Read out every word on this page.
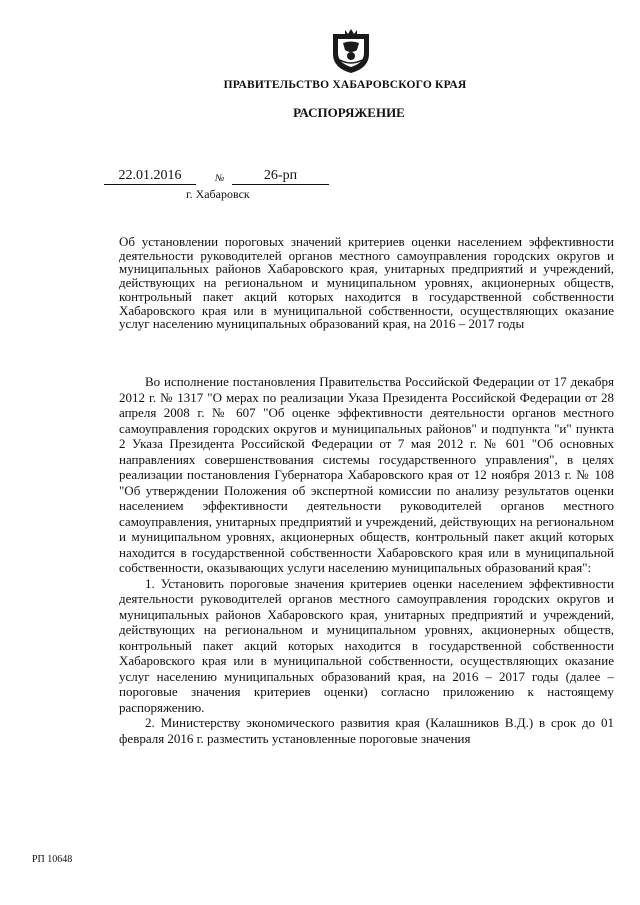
ПРАВИТЕЛЬСТВО ХАБАРОВСКОГО КРАЯ
РАСПОРЯЖЕНИЕ
22.01.2016	№	26-рп
г. Хабаровск

Об установлении пороговых значений критериев оценки населением эффективности деятельности руководителей органов местного самоуправления городских округов и муниципальных районов Хабаровского края, унитарных предприятий и учреждений, действующих на региональном и муниципальном уровнях, акционерных обществ, контрольный пакет акций которых находится в государственной собственности Хабаровского края или в муниципальной собственности, осуществляющих оказание услуг населению муниципальных образований края, на 2016 – 2017 годы

Во исполнение постановления Правительства Российской Федерации от 17 декабря 2012 г. № 1317 "О мерах по реализации Указа Президента Российской Федерации от 28 апреля 2008 г. № 607 "Об оценке эффективности деятельности органов местного самоуправления городских округов и муниципальных районов" и подпункта "и" пункта 2 Указа Президента Российской Федерации от 7 мая 2012 г. № 601 "Об основных направлениях совершенствования системы государственного управления", в целях реализации постановления Губернатора Хабаровского края от 12 ноября 2013 г. № 108 "Об утверждении Положения об экспертной комиссии по анализу результатов оценки населением эффективности деятельности руководителей органов местного самоуправления, унитарных предприятий и учреждений, действующих на региональном и муниципальном уровнях, акционерных обществ, контрольный пакет акций которых находится в государственной собственности Хабаровского края или в муниципальной собственности, оказывающих услуги населению муниципальных образований края":

1. Установить пороговые значения критериев оценки населением эффективности деятельности руководителей органов местного самоуправления городских округов и муниципальных районов Хабаровского края, унитарных предприятий и учреждений, действующих на региональном и муниципальном уровнях, акционерных обществ, контрольный пакет акций которых находится в государственной собственности Хабаровского края или в муниципальной собственности, осуществляющих оказание услуг населению муниципальных образований края, на 2016 – 2017 годы (далее – пороговые значения критериев оценки) согласно приложению к настоящему распоряжению.

2. Министерству экономического развития края (Калашников В.Д.) в срок до 01 февраля 2016 г. разместить установленные пороговые значения

РП 10648
